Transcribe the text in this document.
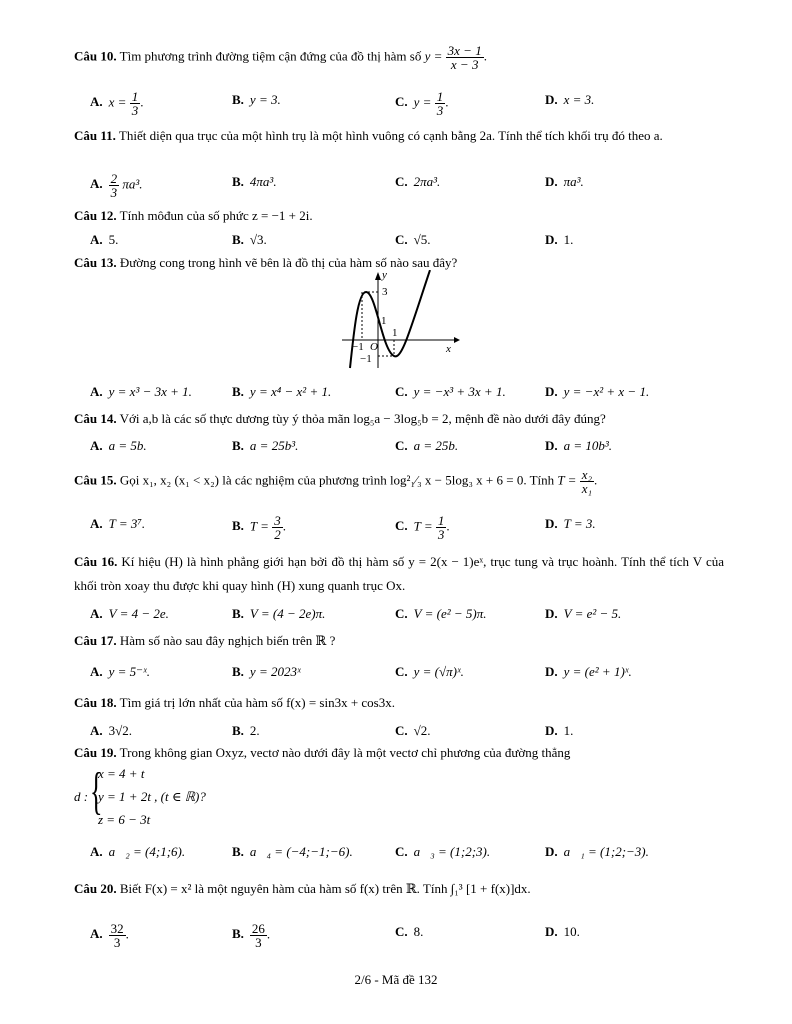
Câu 10. Tìm phương trình đường tiệm cận đứng của đồ thị hàm số $y = \frac{3x - 1}{x - 3}$ .
A. $x = \frac{1}{3}$ .	B. y = 3.	C. $y = \frac{1}{3}$ .	D. x = 3.
Câu 11. Thiết diện qua trục của một hình trụ là một hình vuông có cạnh bằng 2a. Tính thể tích khối trụ đó theo a.
A. $\frac{2}{3} \pi a^3$.	B. 4πa³.	C. 2πa³.	D. πa³.
Câu 12. Tính môđun của số phức z = −1 + 2i.
A. 5.	B. √3.	C. √5.	D. 1.
Câu 13. Đường cong trong hình vẽ bên là đồ thị của hàm số nào sau đây?
y
x
3
1
1
O
−1
−1
A. y = x³ − 3x + 1.	B. y = x⁴ − x² + 1.	C. y = −x³ + 3x + 1.	D. y = −x² + x − 1.
Câu 14. Với a,b là các số thực dương tùy ý thỏa mãn log₅a − 3log₅b = 2, mệnh đề nào dưới đây đúng?
A. a = 5b.	B. a = 25b³.	C. a = 25b.	D. a = 10b³.
Câu 15. Gọi x₁, x₂ (x₁ < x₂) là các nghiệm của phương trình log²₁⁄₃ x − 5log₃ x + 6 = 0. Tính $T = \frac{\text{x₂}}{\text{x₁}}$ .
A. T = 3⁷.	B. $T = \frac{3}{2}$ .	C. $T = \frac{1}{3}$ .	D. T = 3.
Câu 16. Kí hiệu (H) là hình phẳng giới hạn bởi đồ thị hàm số y = 2(x − 1)eˣ, trục tung và trục hoành. Tính thể tích V của khối tròn xoay thu được khi quay hình (H) xung quanh trục Ox.
A. V = 4 − 2e.	B. V = (4 − 2e)π.	C. V = (e² − 5)π.	D. V = e² − 5.
Câu 17. Hàm số nào sau đây nghịch biến trên ℝ ?
A. y = 5⁻ˣ.	B. y = 2023ˣ	C. y = (√π)ˣ.	D. y = (e² + 1)ˣ.
Câu 18. Tìm giá trị lớn nhất của hàm số f(x) = sin3x + cos3x.
A. 3√2.	B. 2.	C. √2.	D. 1.
Câu 19. Trong không gian Oxyz, vectơ nào dưới đây là một vectơ chỉ phương của đường thẳng
d : {
x = 4 + t
y = 1 + 2t , (t ∈ ℝ)?
z = 6 − 3t
A. a⃗₂ = (4;1;6).	B. a⃗₄ = (−4;−1;−6).	C. a⃗₃ = (1;2;3).	D. a⃗₁ = (1;2;−3).
Câu 20. Biết F(x) = x² là một nguyên hàm của hàm số f(x) trên ℝ. Tính ∫₁³ [1 + f(x)]dx.
A. $\frac{32}{3}$ .	B. $\frac{26}{3}$ .	C. 8.	D. 10.
2/6 - Mã đề 132
